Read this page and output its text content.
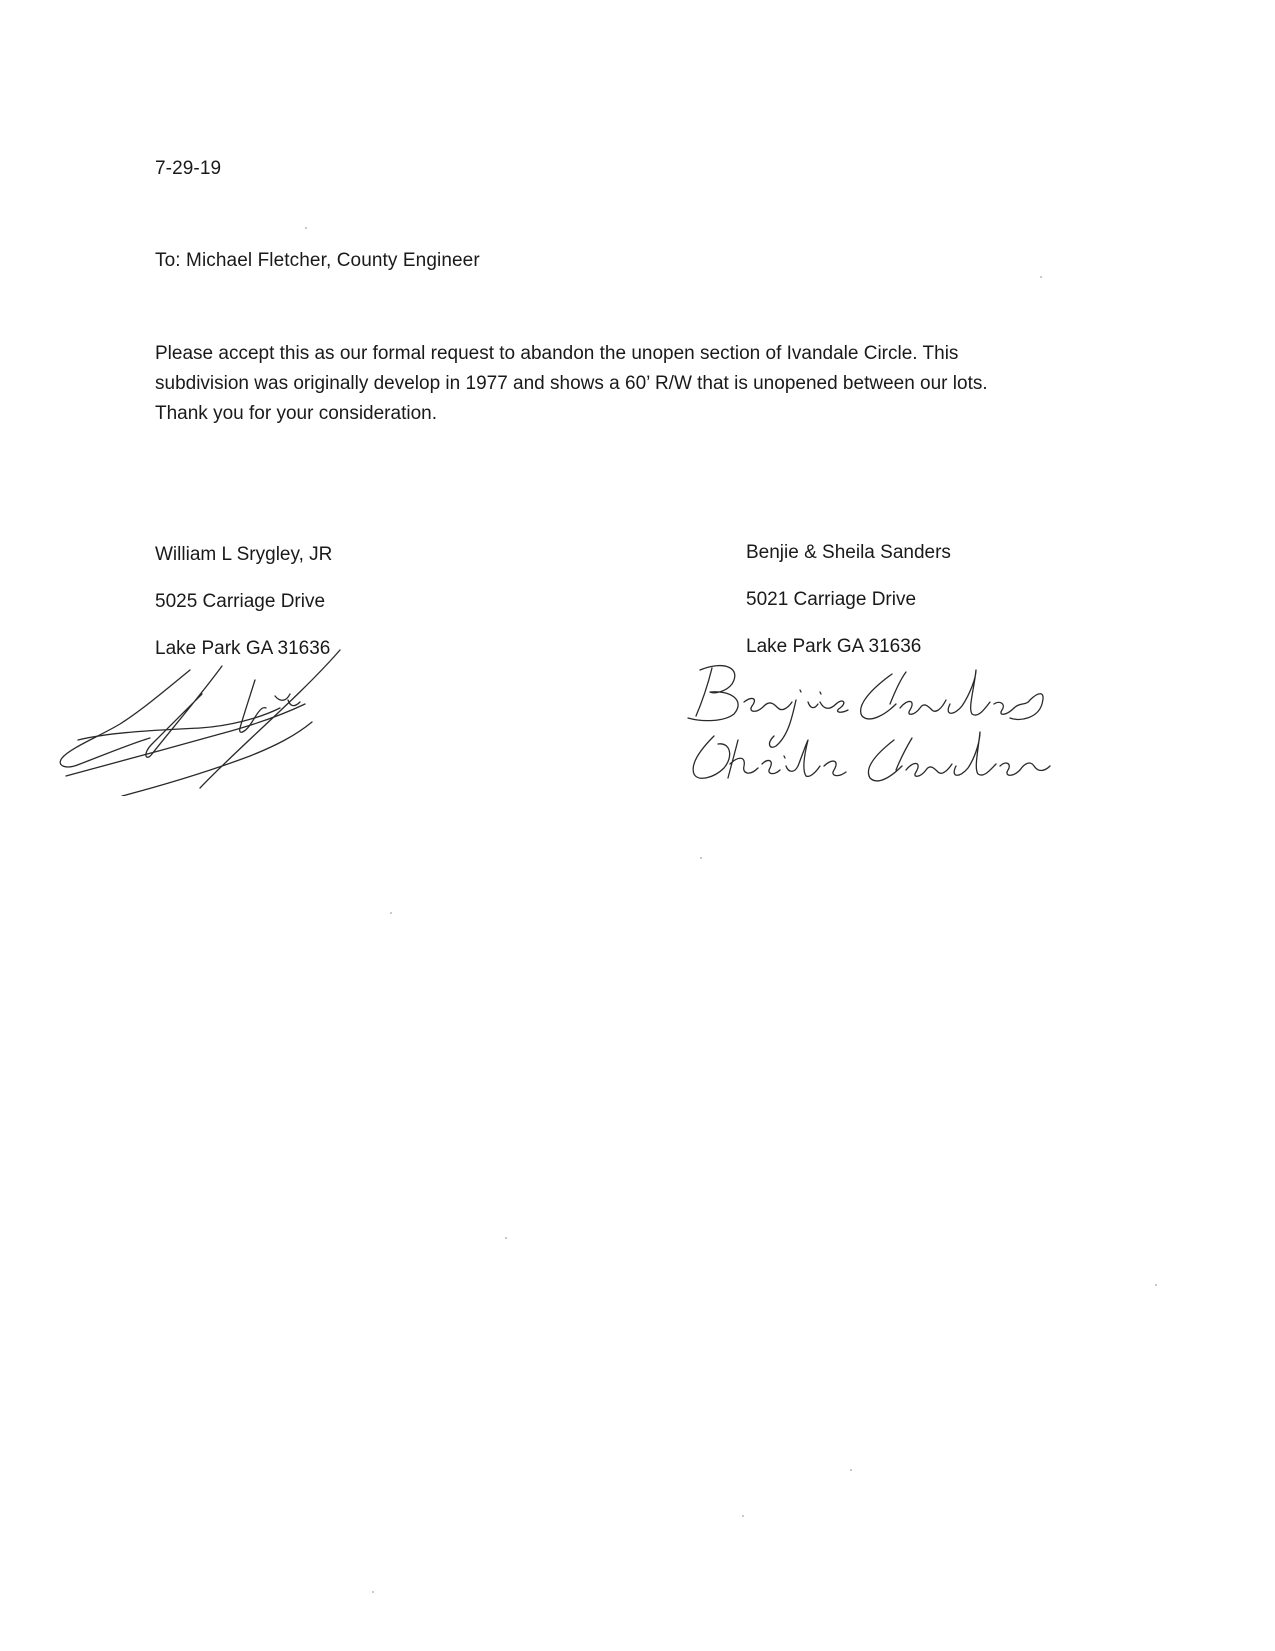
7-29-19
To: Michael Fletcher, County Engineer
Please accept this as our formal request to abandon the unopen section of Ivandale Circle. This
subdivision was originally develop in 1977 and shows a 60’ R/W that is unopened between our lots.
Thank you for your consideration.
William L Srygley, JR
5025 Carriage Drive
Lake Park GA 31636
Benjie & Sheila Sanders
5021 Carriage Drive
Lake Park GA 31636
